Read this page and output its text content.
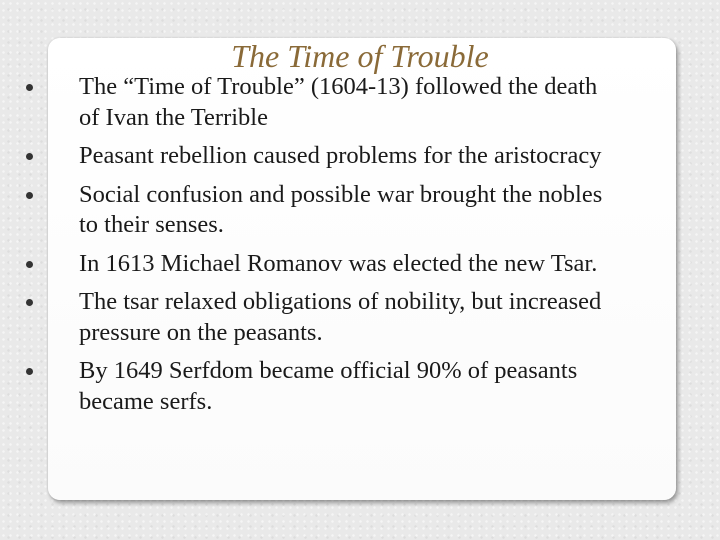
The Time of Trouble
The “Time of Trouble” (1604-13) followed the death
of Ivan the Terrible
Peasant rebellion caused problems for the aristocracy
Social confusion and possible war brought the nobles
to their senses.
In 1613 Michael Romanov was elected the new Tsar.
The tsar relaxed obligations of nobility, but increased
pressure on the peasants.
By 1649 Serfdom became official 90% of peasants
became serfs.
